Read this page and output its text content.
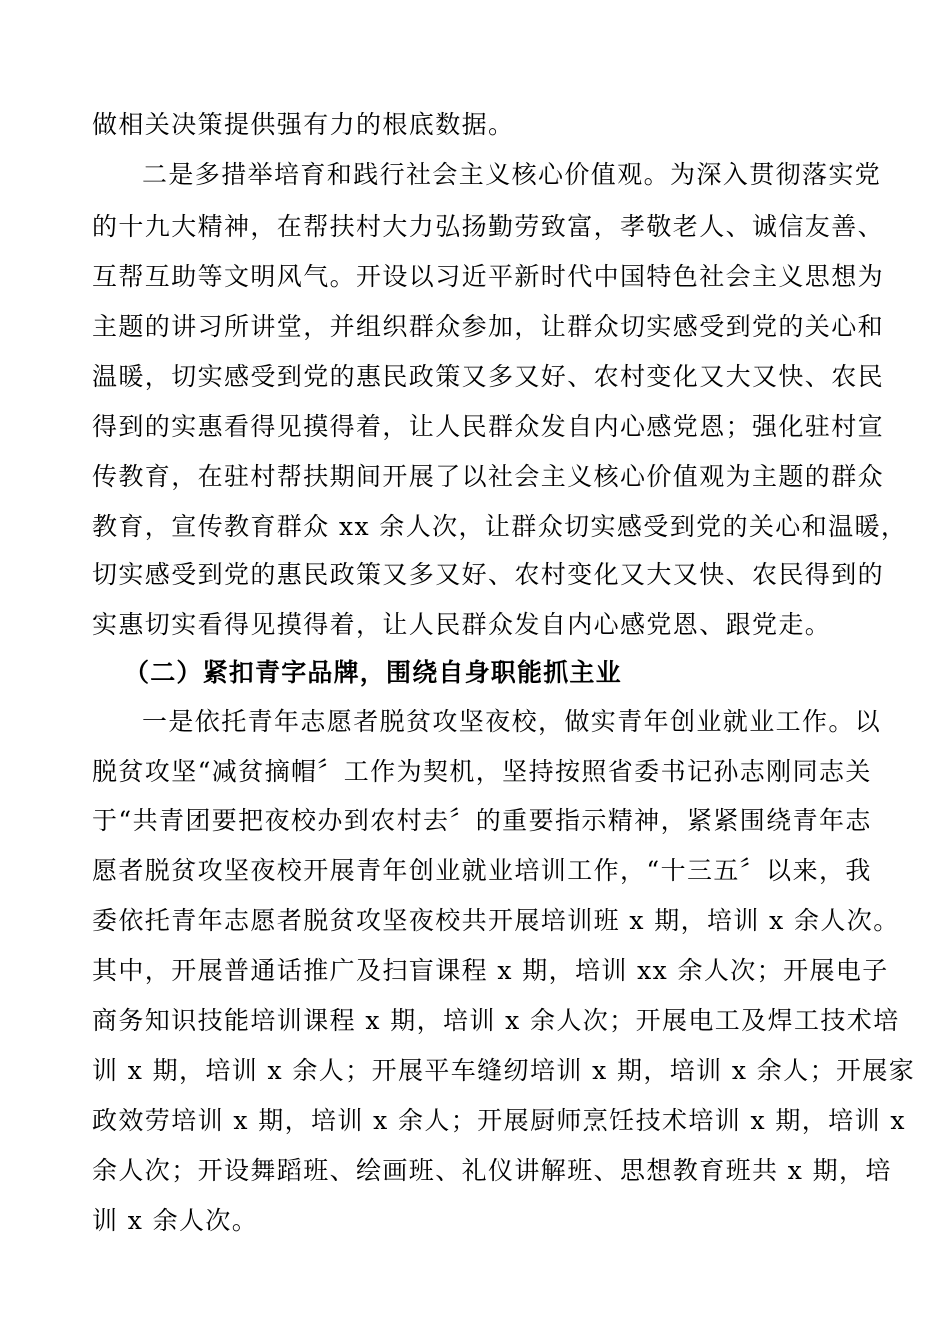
做相关决策提供强有力的根底数据。
二是多措举培育和践行社会主义核心价值观。为深入贯彻落实党
的十九大精神，在帮扶村大力弘扬勤劳致富，孝敬老人、诚信友善、
互帮互助等文明风气。开设以习近平新时代中国特色社会主义思想为
主题的讲习所讲堂，并组织群众参加，让群众切实感受到党的关心和
温暖，切实感受到党的惠民政策又多又好、农村变化又大又快、农民
得到的实惠看得见摸得着，让人民群众发自内心感党恩；强化驻村宣
传教育，在驻村帮扶期间开展了以社会主义核心价值观为主题的群众
教育，宣传教育群众 xx 余人次，让群众切实感受到党的关心和温暖，
切实感受到党的惠民政策又多又好、农村变化又大又快、农民得到的
实惠切实看得见摸得着，让人民群众发自内心感党恩、跟党走。
（二）紧扣青字品牌，围绕自身职能抓主业
一是依托青年志愿者脱贫攻坚夜校，做实青年创业就业工作。以
脱贫攻坚“减贫摘帽〞工作为契机，坚持按照省委书记孙志刚同志关
于“共青团要把夜校办到农村去〞的重要指示精神，紧紧围绕青年志
愿者脱贫攻坚夜校开展青年创业就业培训工作，“十三五〞以来，我
委依托青年志愿者脱贫攻坚夜校共开展培训班 x 期，培训 x 余人次。
其中，开展普通话推广及扫盲课程 x 期，培训 xx 余人次；开展电子
商务知识技能培训课程 x 期，培训 x 余人次；开展电工及焊工技术培
训 x 期，培训 x 余人；开展平车缝纫培训 x 期，培训 x 余人；开展家
政效劳培训 x 期，培训 x 余人；开展厨师烹饪技术培训 x 期，培训 x
余人次；开设舞蹈班、绘画班、礼仪讲解班、思想教育班共 x 期，培
训 x 余人次。
